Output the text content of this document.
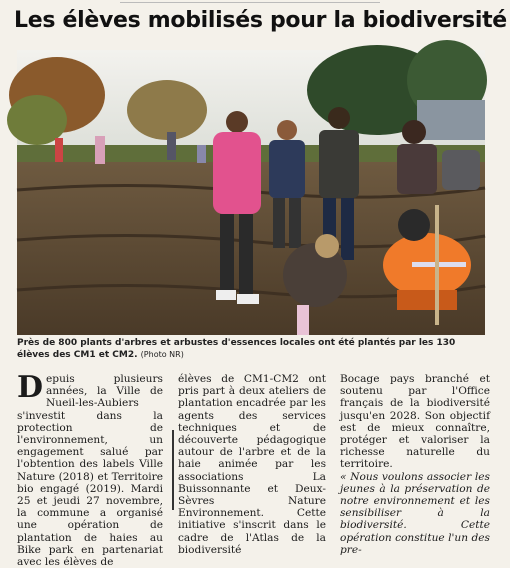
Les élèves mobilisés pour la biodiversité

Près de 800 plants d'arbres et arbustes d'essences locales ont été plantés par les 130 élèves des CM1 et CM2. (Photo NR)

Depuis plusieurs années, la Ville de Nueil-les-Aubiers s'investit dans la protection de l'environnement, un engagement salué par l'obtention des labels Ville Nature (2018) et Territoire bio engagé (2019). Mardi 25 et jeudi 27 novembre, la commune a organisé une opération de plantation de haies au Bike park en partenariat avec les élèves de

élèves de CM1-CM2 ont pris part à deux ateliers de plantation encadrée par les agents des services techniques et de découverte pédagogique autour de l'arbre et de la haie animée par les associations La Buissonnante et Deux-Sèvres Nature Environnement. Cette initiative s'inscrit dans le cadre de l'Atlas de la biodiversité

Bocage pays branché et soutenu par l'Office français de la biodiversité jusqu'en 2028. Son objectif est de mieux connaître, protéger et valoriser la richesse naturelle du territoire.

« Nous voulons associer les jeunes à la préservation de notre environnement et les sensibiliser à la biodiversité. Cette opération constitue l'un des pre-
